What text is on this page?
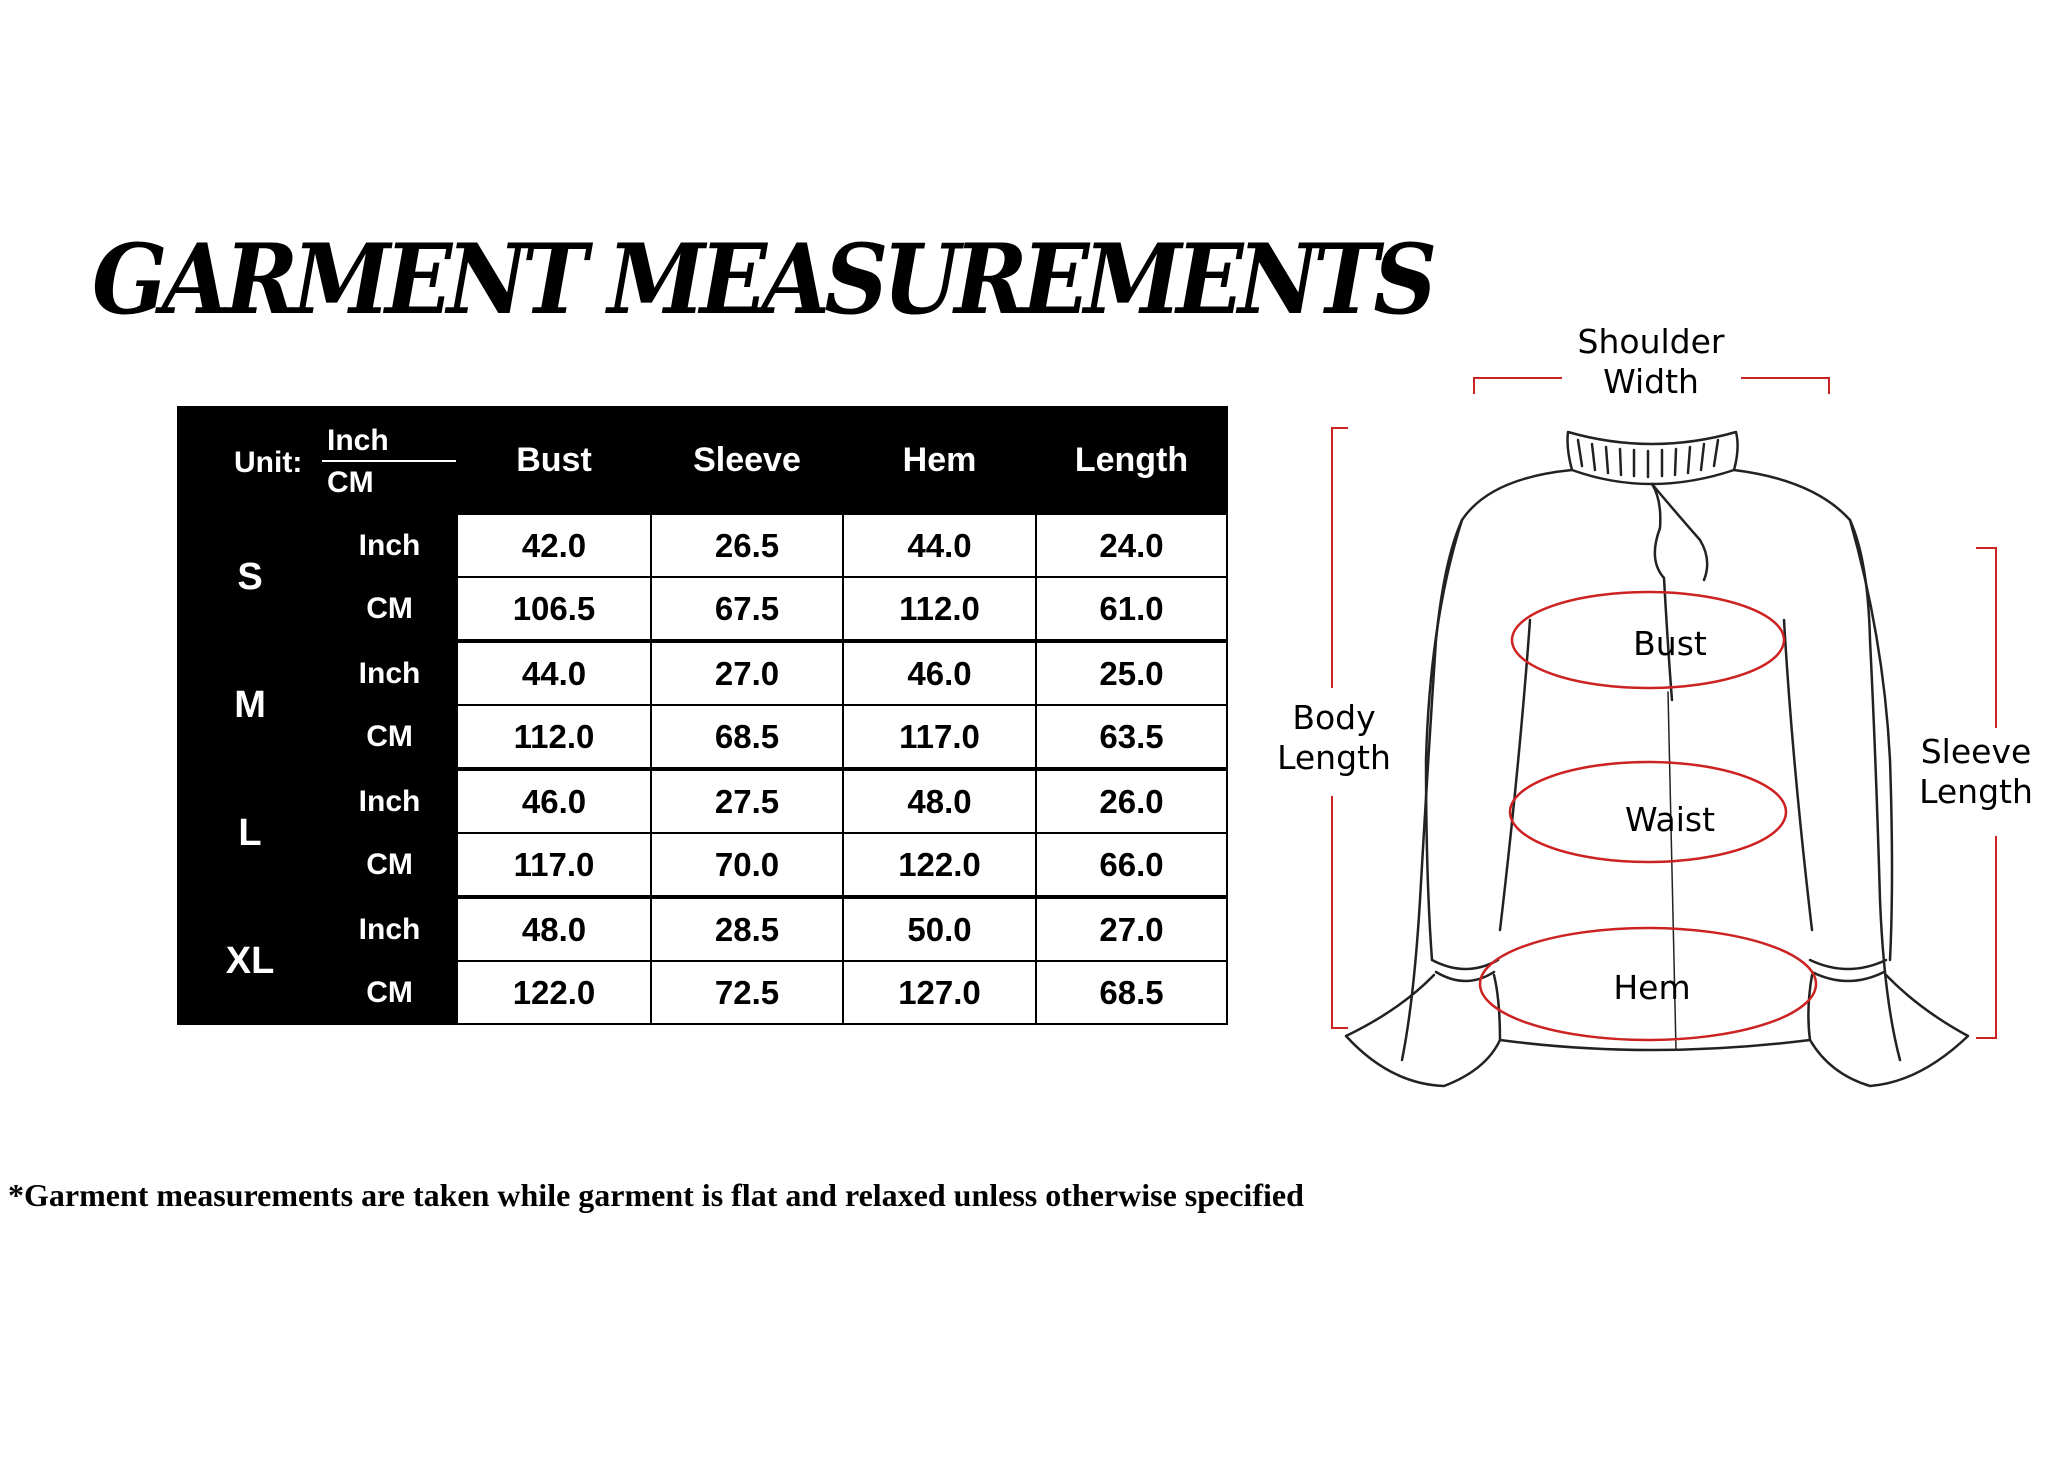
GARMENT MEASUREMENTS
Unit:
Inch
CM		Bust	Sleeve	Hem	Length
S	Inch	42.0	26.5	44.0	24.0
	CM	106.5	67.5	112.0	61.0
M	Inch	44.0	27.0	46.0	25.0
	CM	112.0	68.5	117.0	63.5
L	Inch	46.0	27.5	48.0	26.0
	CM	117.0	70.0	122.0	66.0
XL	Inch	48.0	28.5	50.0	27.0
	CM	122.0	72.5	127.0	68.5
Shoulder
Width
Body
Length	Sleeve
Length
Bust
Waist
Hem
*Garment measurements are taken while garment is flat and relaxed unless otherwise specified
